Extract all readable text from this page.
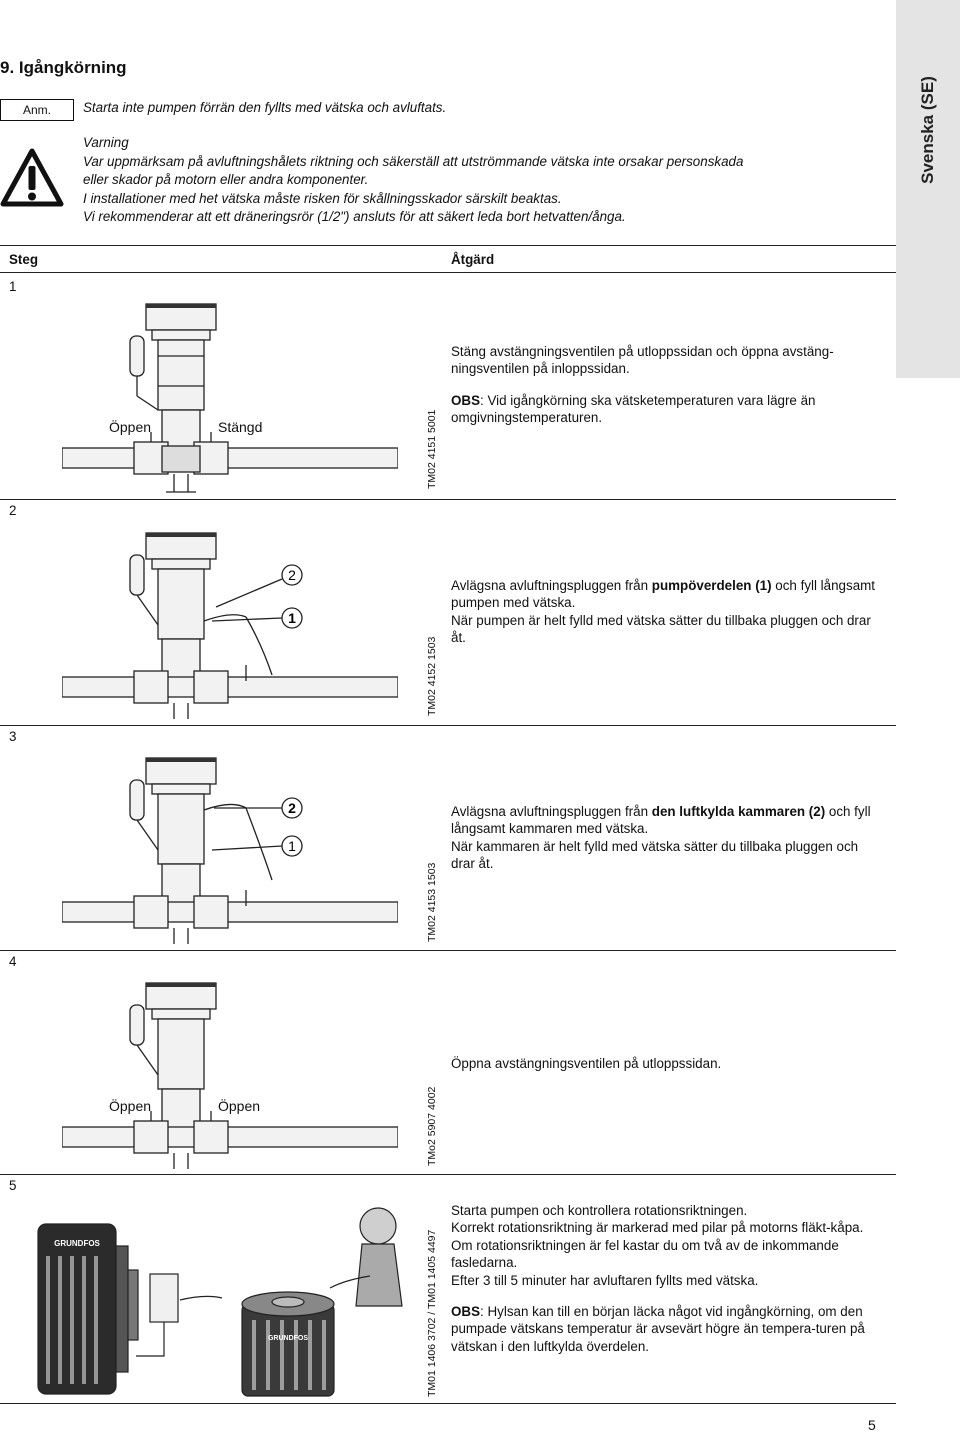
9. Igångkörning
Svenska (SE)
Anm.	Starta inte pumpen förrän den fyllts med vätska och avluftats.
Varning
Var uppmärksam på avluftningshålets riktning och säkerställ att utströmmande vätska inte orsakar personskada
eller skador på motorn eller andra komponenter.
I installationer med het vätska måste risken för skållningsskador särskilt beaktas.
Vi rekommenderar att ett dräneringsrör (1/2") ansluts för att säkert leda bort hetvatten/ånga.
Steg	Åtgärd
1
Öppen	Stängd	TM02 4151 5001

Stäng avstängningsventilen på utloppssidan och öppna avstäng-ningsventilen på inloppssidan.

OBS: Vid igångkörning ska vätsketemperaturen vara lägre än omgivningstemperaturen.

2
2
1
TM02 4152 1503

Avlägsna avluftningspluggen från pumpöverdelen (1) och fyll långsamt pumpen med vätska.

När pumpen är helt fylld med vätska sätter du tillbaka pluggen och drar åt.

3
2
1
TM02 4153 1503

Avlägsna avluftningspluggen från den luftkylda kammaren (2) och fyll långsamt kammaren med vätska.

När kammaren är helt fylld med vätska sätter du tillbaka pluggen och drar åt.

4
Öppen	Öppen	TMo2 5907 4002

Öppna avstängningsventilen på utloppssidan.

5
GRUNDFOS
GRUNDFOS	TM01 1406 3702 / TM01 1405 4497

Starta pumpen och kontrollera rotationsriktningen.

Korrekt rotationsriktning är markerad med pilar på motorns fläkt-kåpa.

Om rotationsriktningen är fel kastar du om två av de inkommande fasledarna.

Efter 3 till 5 minuter har avluftaren fyllts med vätska.

OBS: Hylsan kan till en början läcka något vid ingångkörning, om den pumpade vätskans temperatur är avsevärt högre än tempera-turen på vätskan i den luftkylda överdelen.

5
